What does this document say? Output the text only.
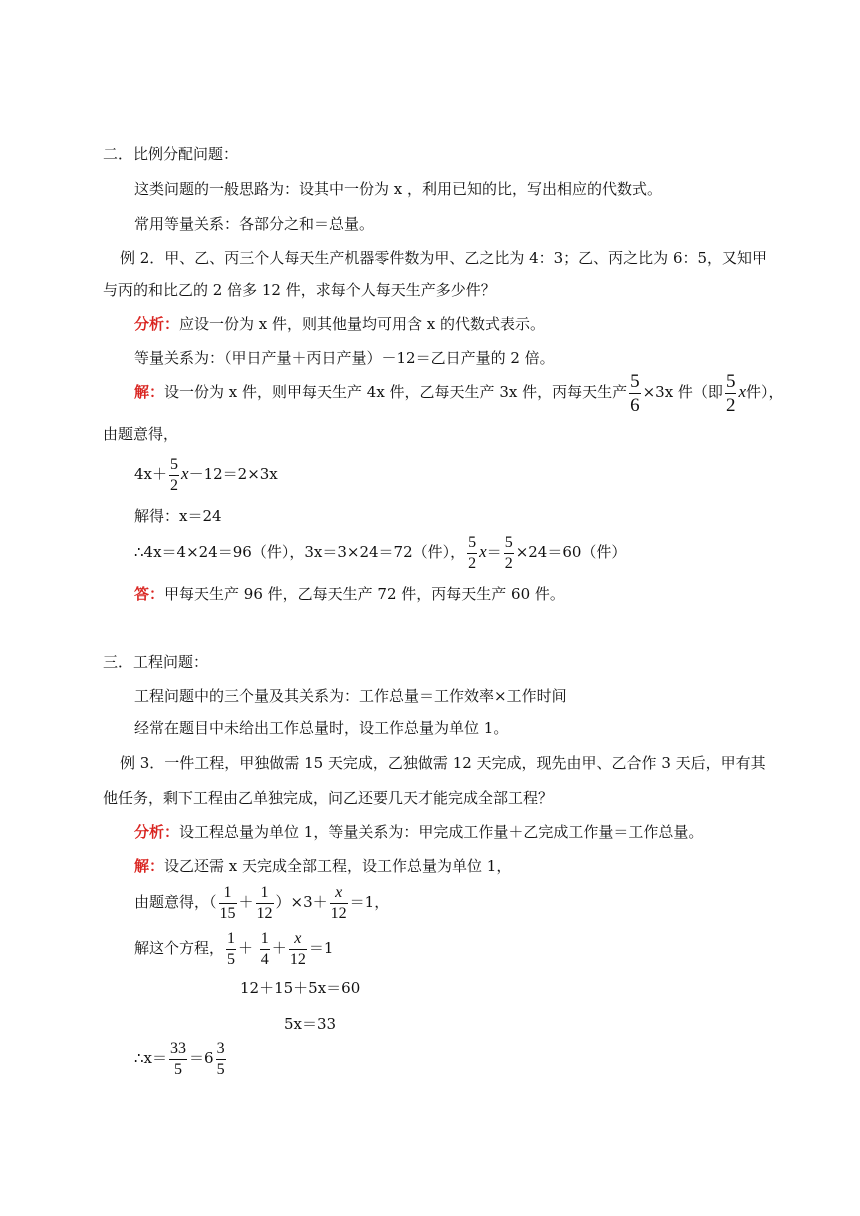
二．比例分配问题：
这类问题的一般思路为：设其中一份为 x ，利用已知的比，写出相应的代数式。
常用等量关系：各部分之和＝总量。
例 2．甲、乙、丙三个人每天生产机器零件数为甲、乙之比为 4：3；乙、丙之比为 6：5，又知甲
与丙的和比乙的 2 倍多 12 件，求每个人每天生产多少件？
分析：应设一份为 x 件，则其他量均可用含 x 的代数式表示。
等量关系为：（甲日产量＋丙日产量）－12＝乙日产量的 2 倍。
解：设一份为 x 件，则甲每天生产 4x 件，乙每天生产 3x 件，丙每天生产 $\frac{5}{6} \times 3x$ 件（即 $\frac{5}{2}$ x件），
由题意得，
$4x+ \frac{5}{2} x-12=2\times 3x$
解得：x＝24
∴4x＝4×24＝96（件），3x＝3×24＝72（件）， $\frac{5}{2} x= \frac{5}{2} \times 24=60$（件）
答：甲每天生产 96 件，乙每天生产 72 件，丙每天生产 60 件。
三．工程问题：
工程问题中的三个量及其关系为：工作总量＝工作效率×工作时间
经常在题目中未给出工作总量时，设工作总量为单位 1。
例 3．一件工程，甲独做需 15 天完成，乙独做需 12 天完成，现先由甲、乙合作 3 天后，甲有其
他任务，剩下工程由乙单独完成，问乙还要几天才能完成全部工程？
分析：设工程总量为单位 1，等量关系为：甲完成工作量＋乙完成工作量＝工作总量。
解：设乙还需 x 天完成全部工程，设工作总量为单位 1，
由题意得，（ $\frac{1}{15} + \frac{1}{12} )\times 3+ \frac{x}{12} =1$，
解这个方程， $\frac{1}{5} + \frac{1}{4} + \frac{x}{12} =1$
12＋15＋5x＝60
5x＝33
∴x＝ $\frac{33}{5} =6 \frac{3}{5}$
